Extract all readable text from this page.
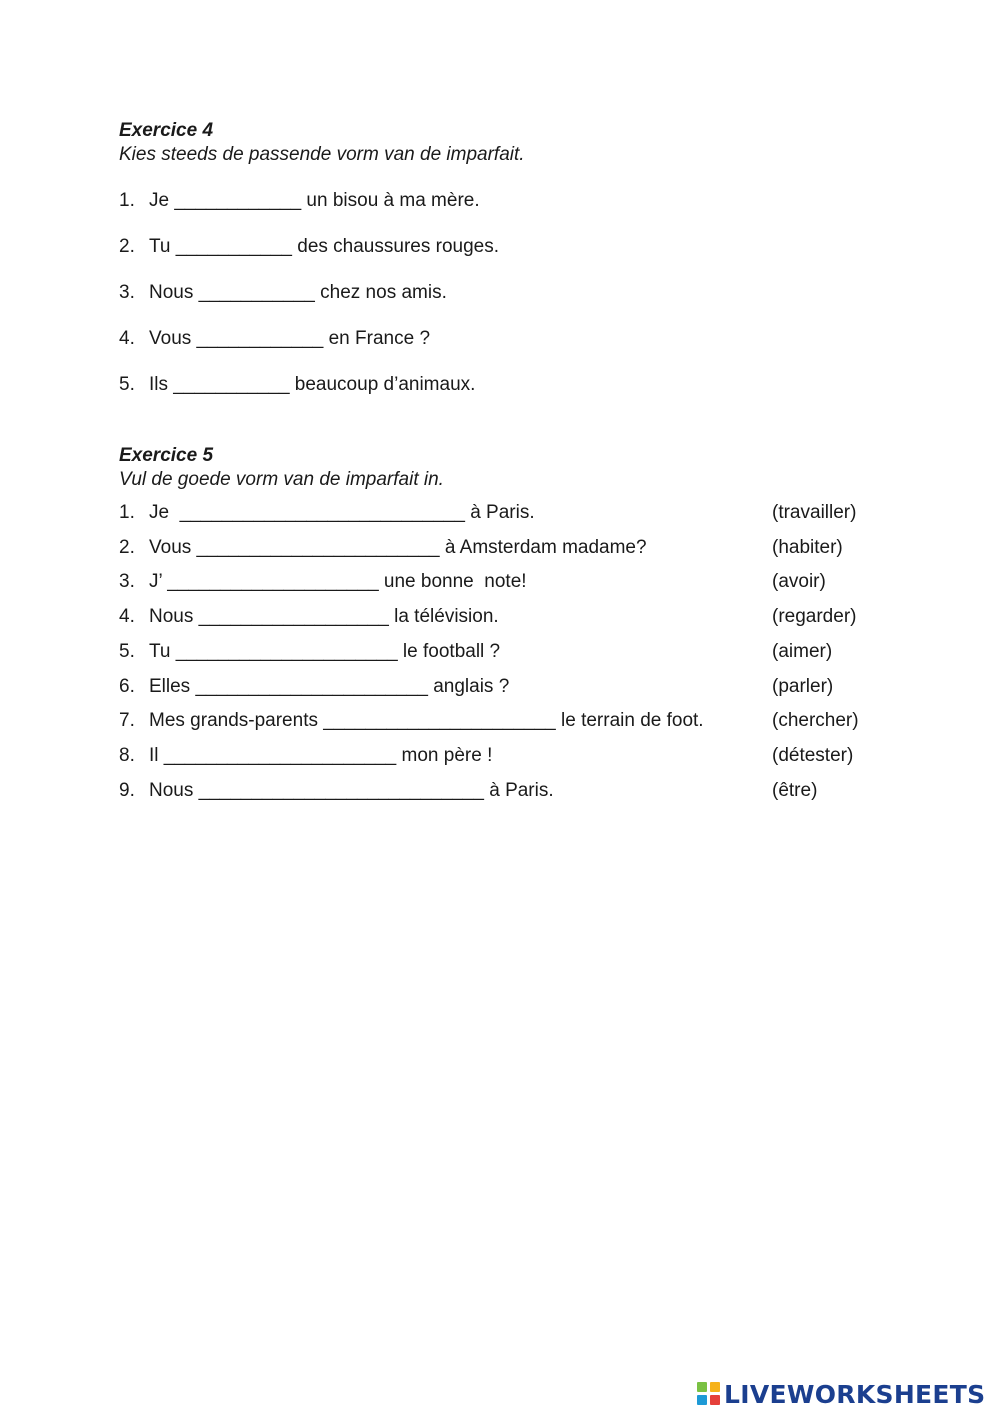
Exercice 4

Kies steeds de passende vorm van de imparfait.

1. Je ____________ un bisou à ma mère.
2. Tu ___________ des chaussures rouges.
3. Nous ___________ chez nos amis.
4. Vous ____________ en France ?
5. Ils ___________ beaucoup d’animaux.
Exercice 5

Vul de goede vorm van de imparfait in.

1. Je  ___________________________ à Paris.	(travailler)
2. Vous _______________________ à Amsterdam madame?	(habiter)
3. J’ ____________________ une bonne  note!	(avoir)
4. Nous __________________ la télévision.	(regarder)
5. Tu _____________________ le football ?	(aimer)
6. Elles ______________________ anglais ?	(parler)
7. Mes grands-parents ______________________ le terrain de foot.	(chercher)
8. Il ______________________ mon père !	(détester)
9. Nous ___________________________ à Paris.	(être)
LIVEWORKSHEETS
